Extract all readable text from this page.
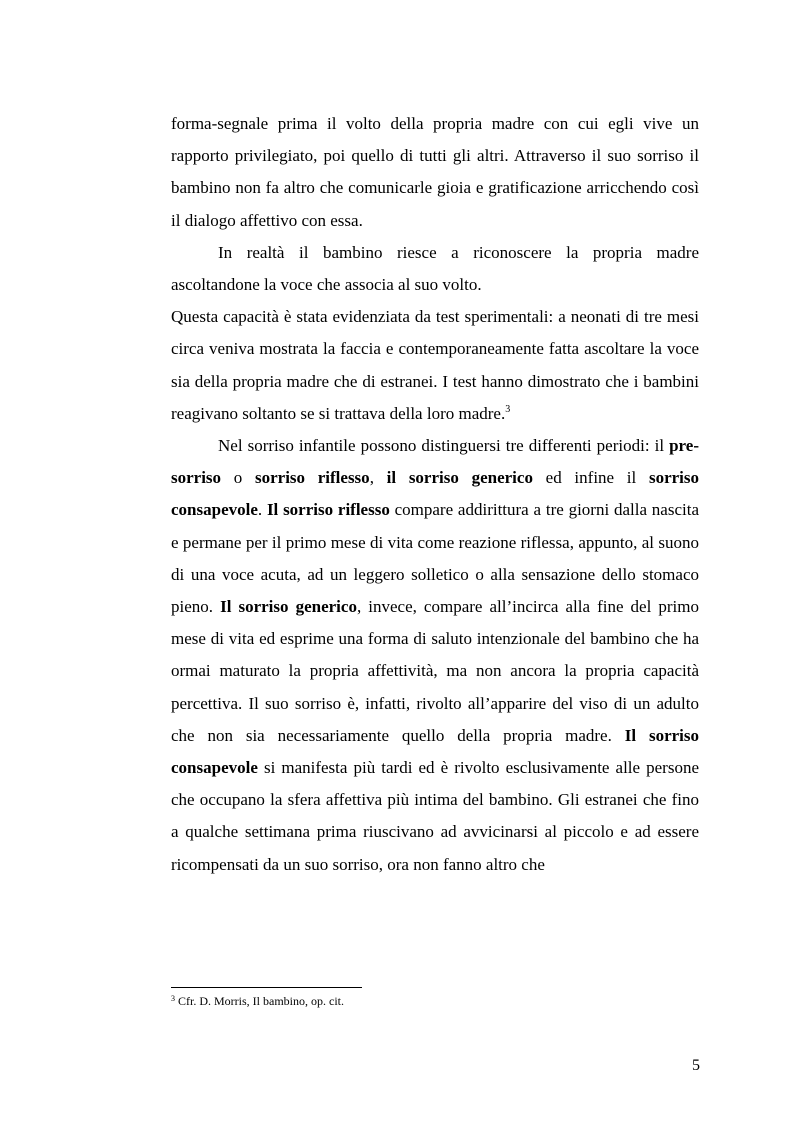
forma-segnale prima il volto della propria madre con cui egli vive un rapporto privilegiato, poi quello di tutti gli altri. Attraverso il suo sorriso il bambino non fa altro che comunicarle gioia e gratificazione arricchendo così il dialogo affettivo con essa.

In realtà il bambino riesce a riconoscere la propria madre ascoltandone la voce che associa al suo volto.

Questa capacità è stata evidenziata da test sperimentali: a neonati di tre mesi circa veniva mostrata la faccia e contemporaneamente fatta ascoltare la voce sia della propria madre che di estranei. I test hanno dimostrato che i bambini reagivano soltanto se si trattava della loro madre.$^3$

Nel sorriso infantile possono distinguersi tre differenti periodi: il pre-sorriso o sorriso riflesso, il sorriso generico ed infine il sorriso consapevole. Il sorriso riflesso compare addirittura a tre giorni dalla nascita e permane per il primo mese di vita come reazione riflessa, appunto, al suono di una voce acuta, ad un leggero solletico o alla sensazione dello stomaco pieno. Il sorriso generico, invece, compare all’incirca alla fine del primo mese di vita ed esprime una forma di saluto intenzionale del bambino che ha ormai maturato la propria affettività, ma non ancora la propria capacità percettiva. Il suo sorriso è, infatti, rivolto all’apparire del viso di un adulto che non sia necessariamente quello della propria madre. Il sorriso consapevole si manifesta più tardi ed è rivolto esclusivamente alle persone che occupano la sfera affettiva più intima del bambino. Gli estranei che fino a qualche settimana prima riuscivano ad avvicinarsi al piccolo e ad essere ricompensati da un suo sorriso, ora non fanno altro che

$^3$ Cfr. D. Morris, Il bambino, op. cit.
5
